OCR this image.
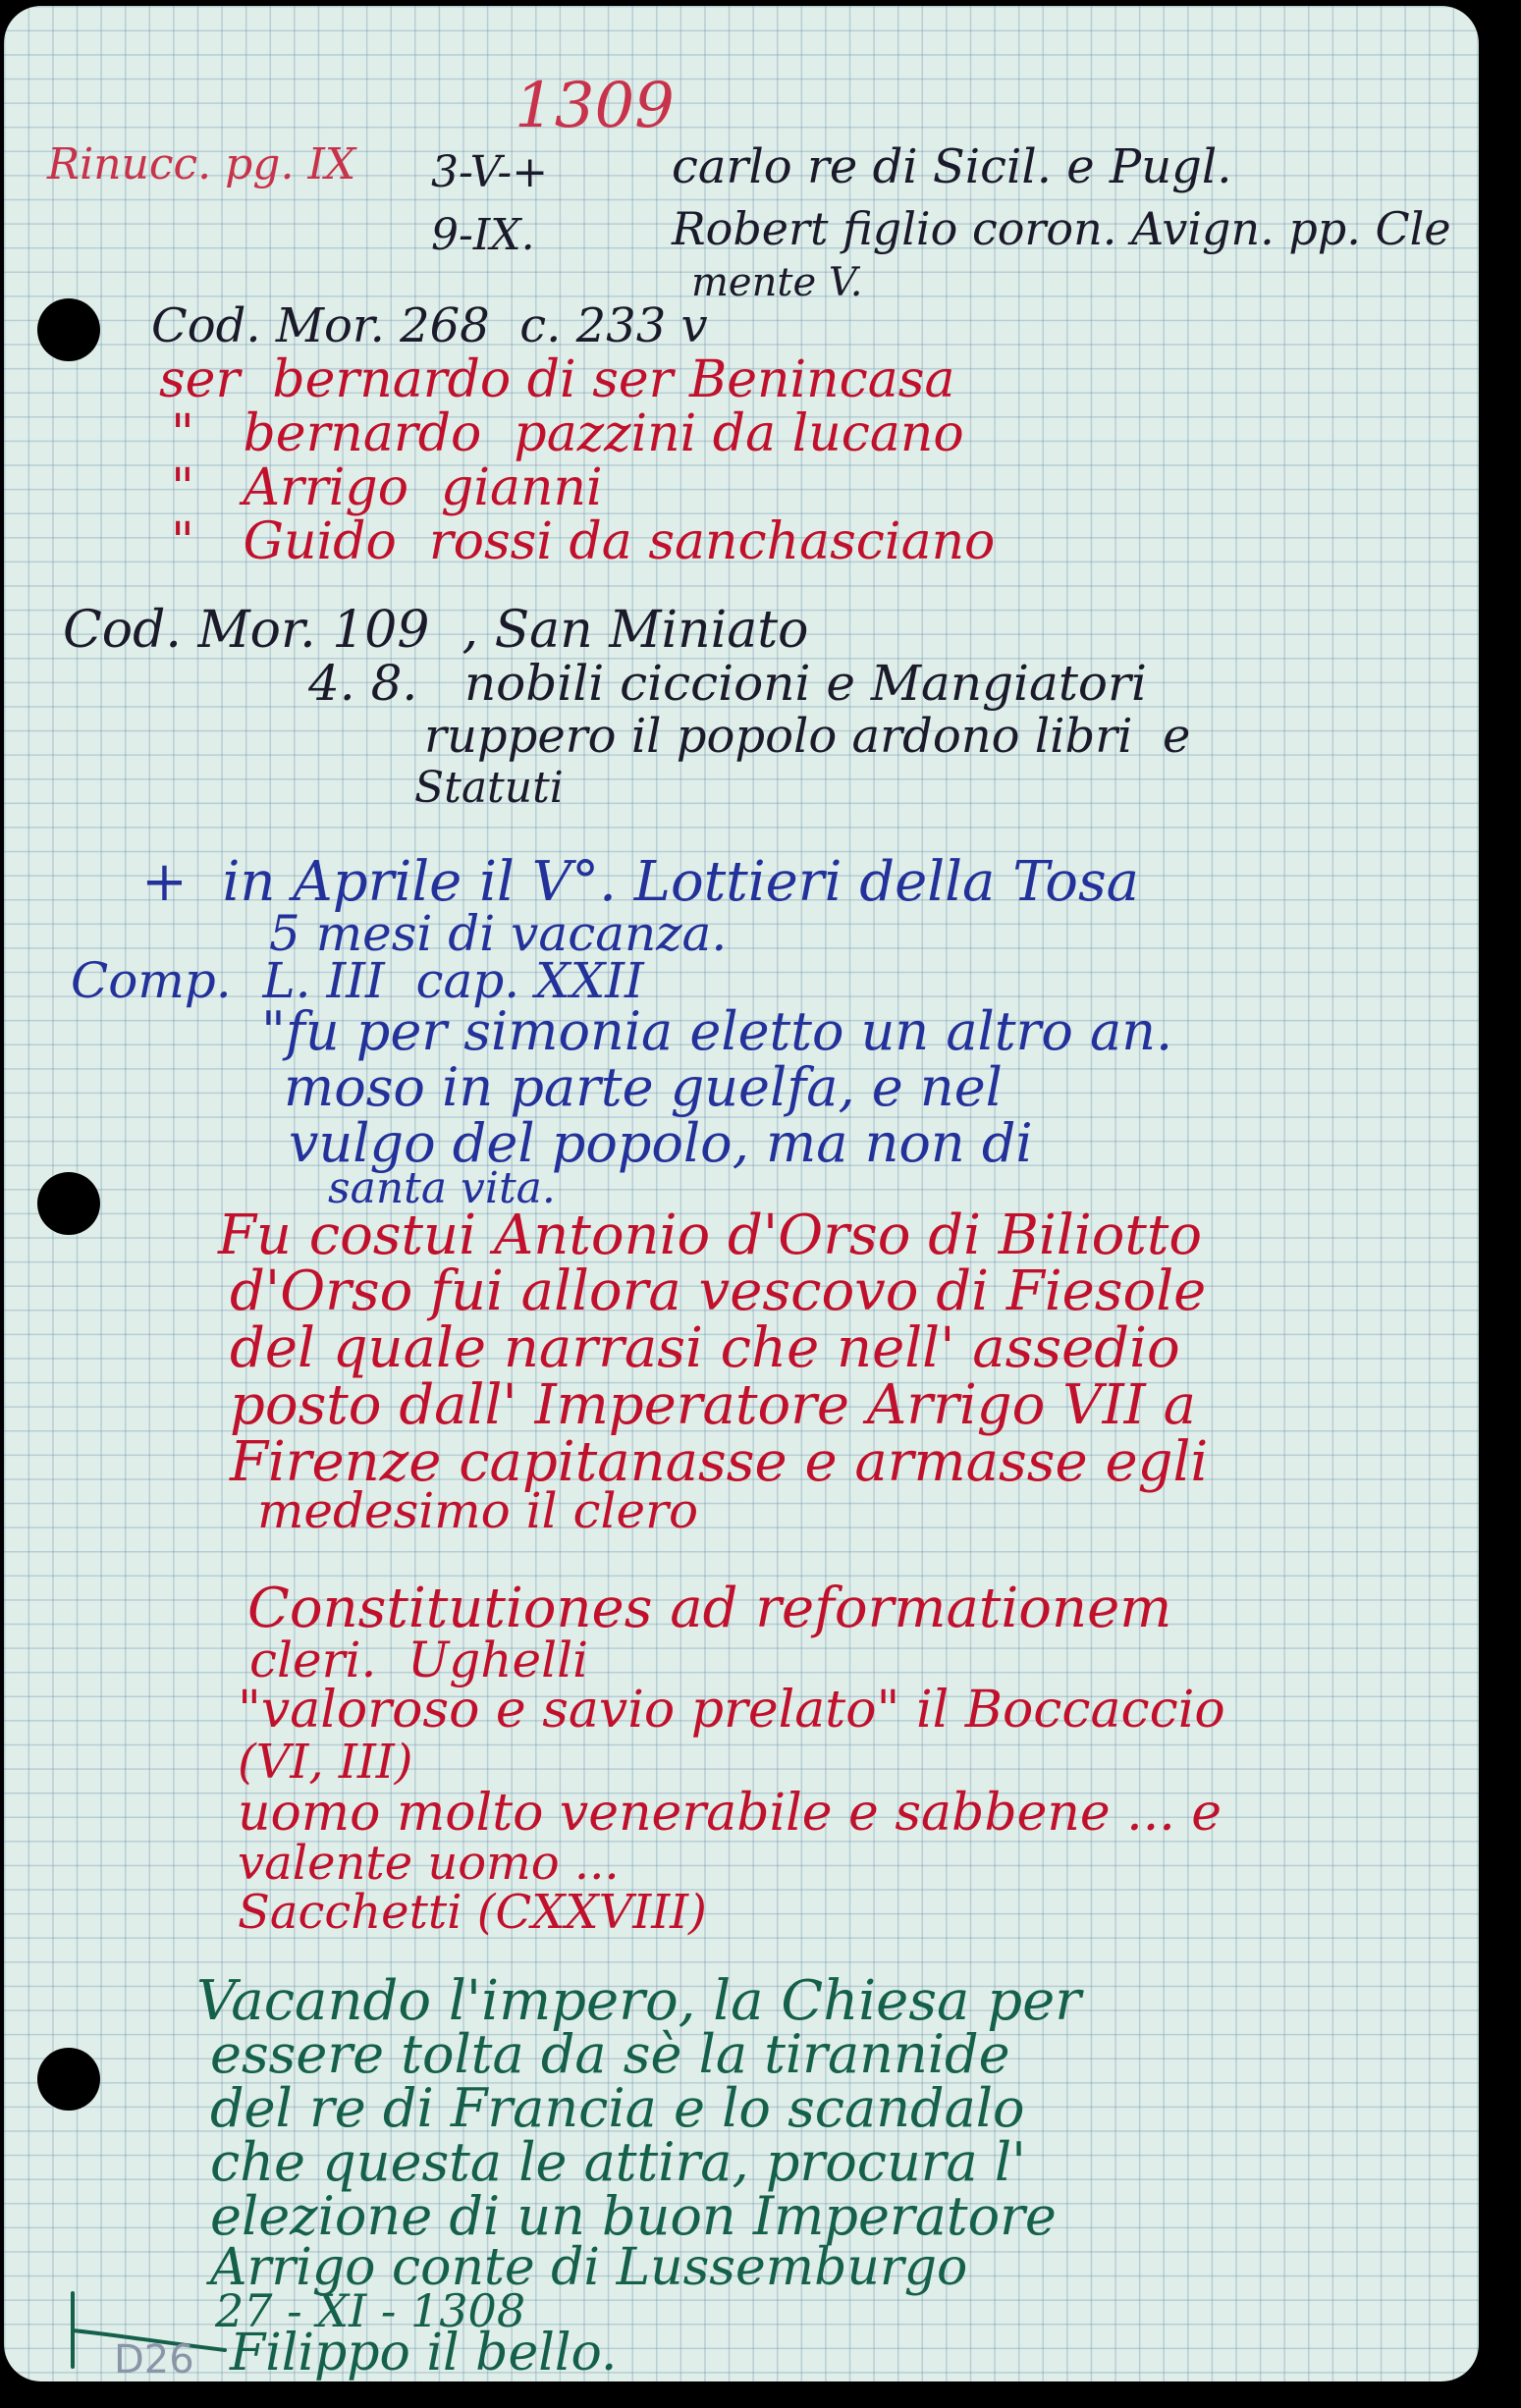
1309
Rinucc. pg. IX 3-V-+	carlo re di Sicil. e Pugl.
9-IX.	Robert figlio coron. Avign. pp. Cle
mente V.
Cod. Mor. 268  c. 233 v
ser  bernardo di ser Benincasa
"   bernardo  pazzini da lucano
"   Arrigo  gianni
"   Guido  rossi da sanchasciano
Cod. Mor. 109  , San Miniato
4. 8.   nobili ciccioni e Mangiatori
ruppero il popolo ardono libri  e
Statuti
+  in Aprile il V°. Lottieri della Tosa
5 mesi di vacanza.
Comp.  L. III  cap. XXII
"fu per simonia eletto un altro an.
moso in parte guelfa, e nel
vulgo del popolo, ma non di
santa vita.
Fu costui Antonio d'Orso di Biliotto
d'Orso fui allora vescovo di Fiesole
del quale narrasi che nell' assedio
posto dall' Imperatore Arrigo VII a
Firenze capitanasse e armasse egli
medesimo il clero
Constitutiones ad reformationem
cleri.  Ughelli
"valoroso e savio prelato" il Boccaccio
(VI, III)
uomo molto venerabile e sabbene ... e
valente uomo ...
Sacchetti (CXXVIII)
Vacando l'impero, la Chiesa per
essere tolta da sè la tirannide
del re di Francia e lo scandalo
che questa le attira, procura l'
elezione di un buon Imperatore
Arrigo conte di Lussemburgo
27 - XI - 1308
Filippo il bello.
D26
